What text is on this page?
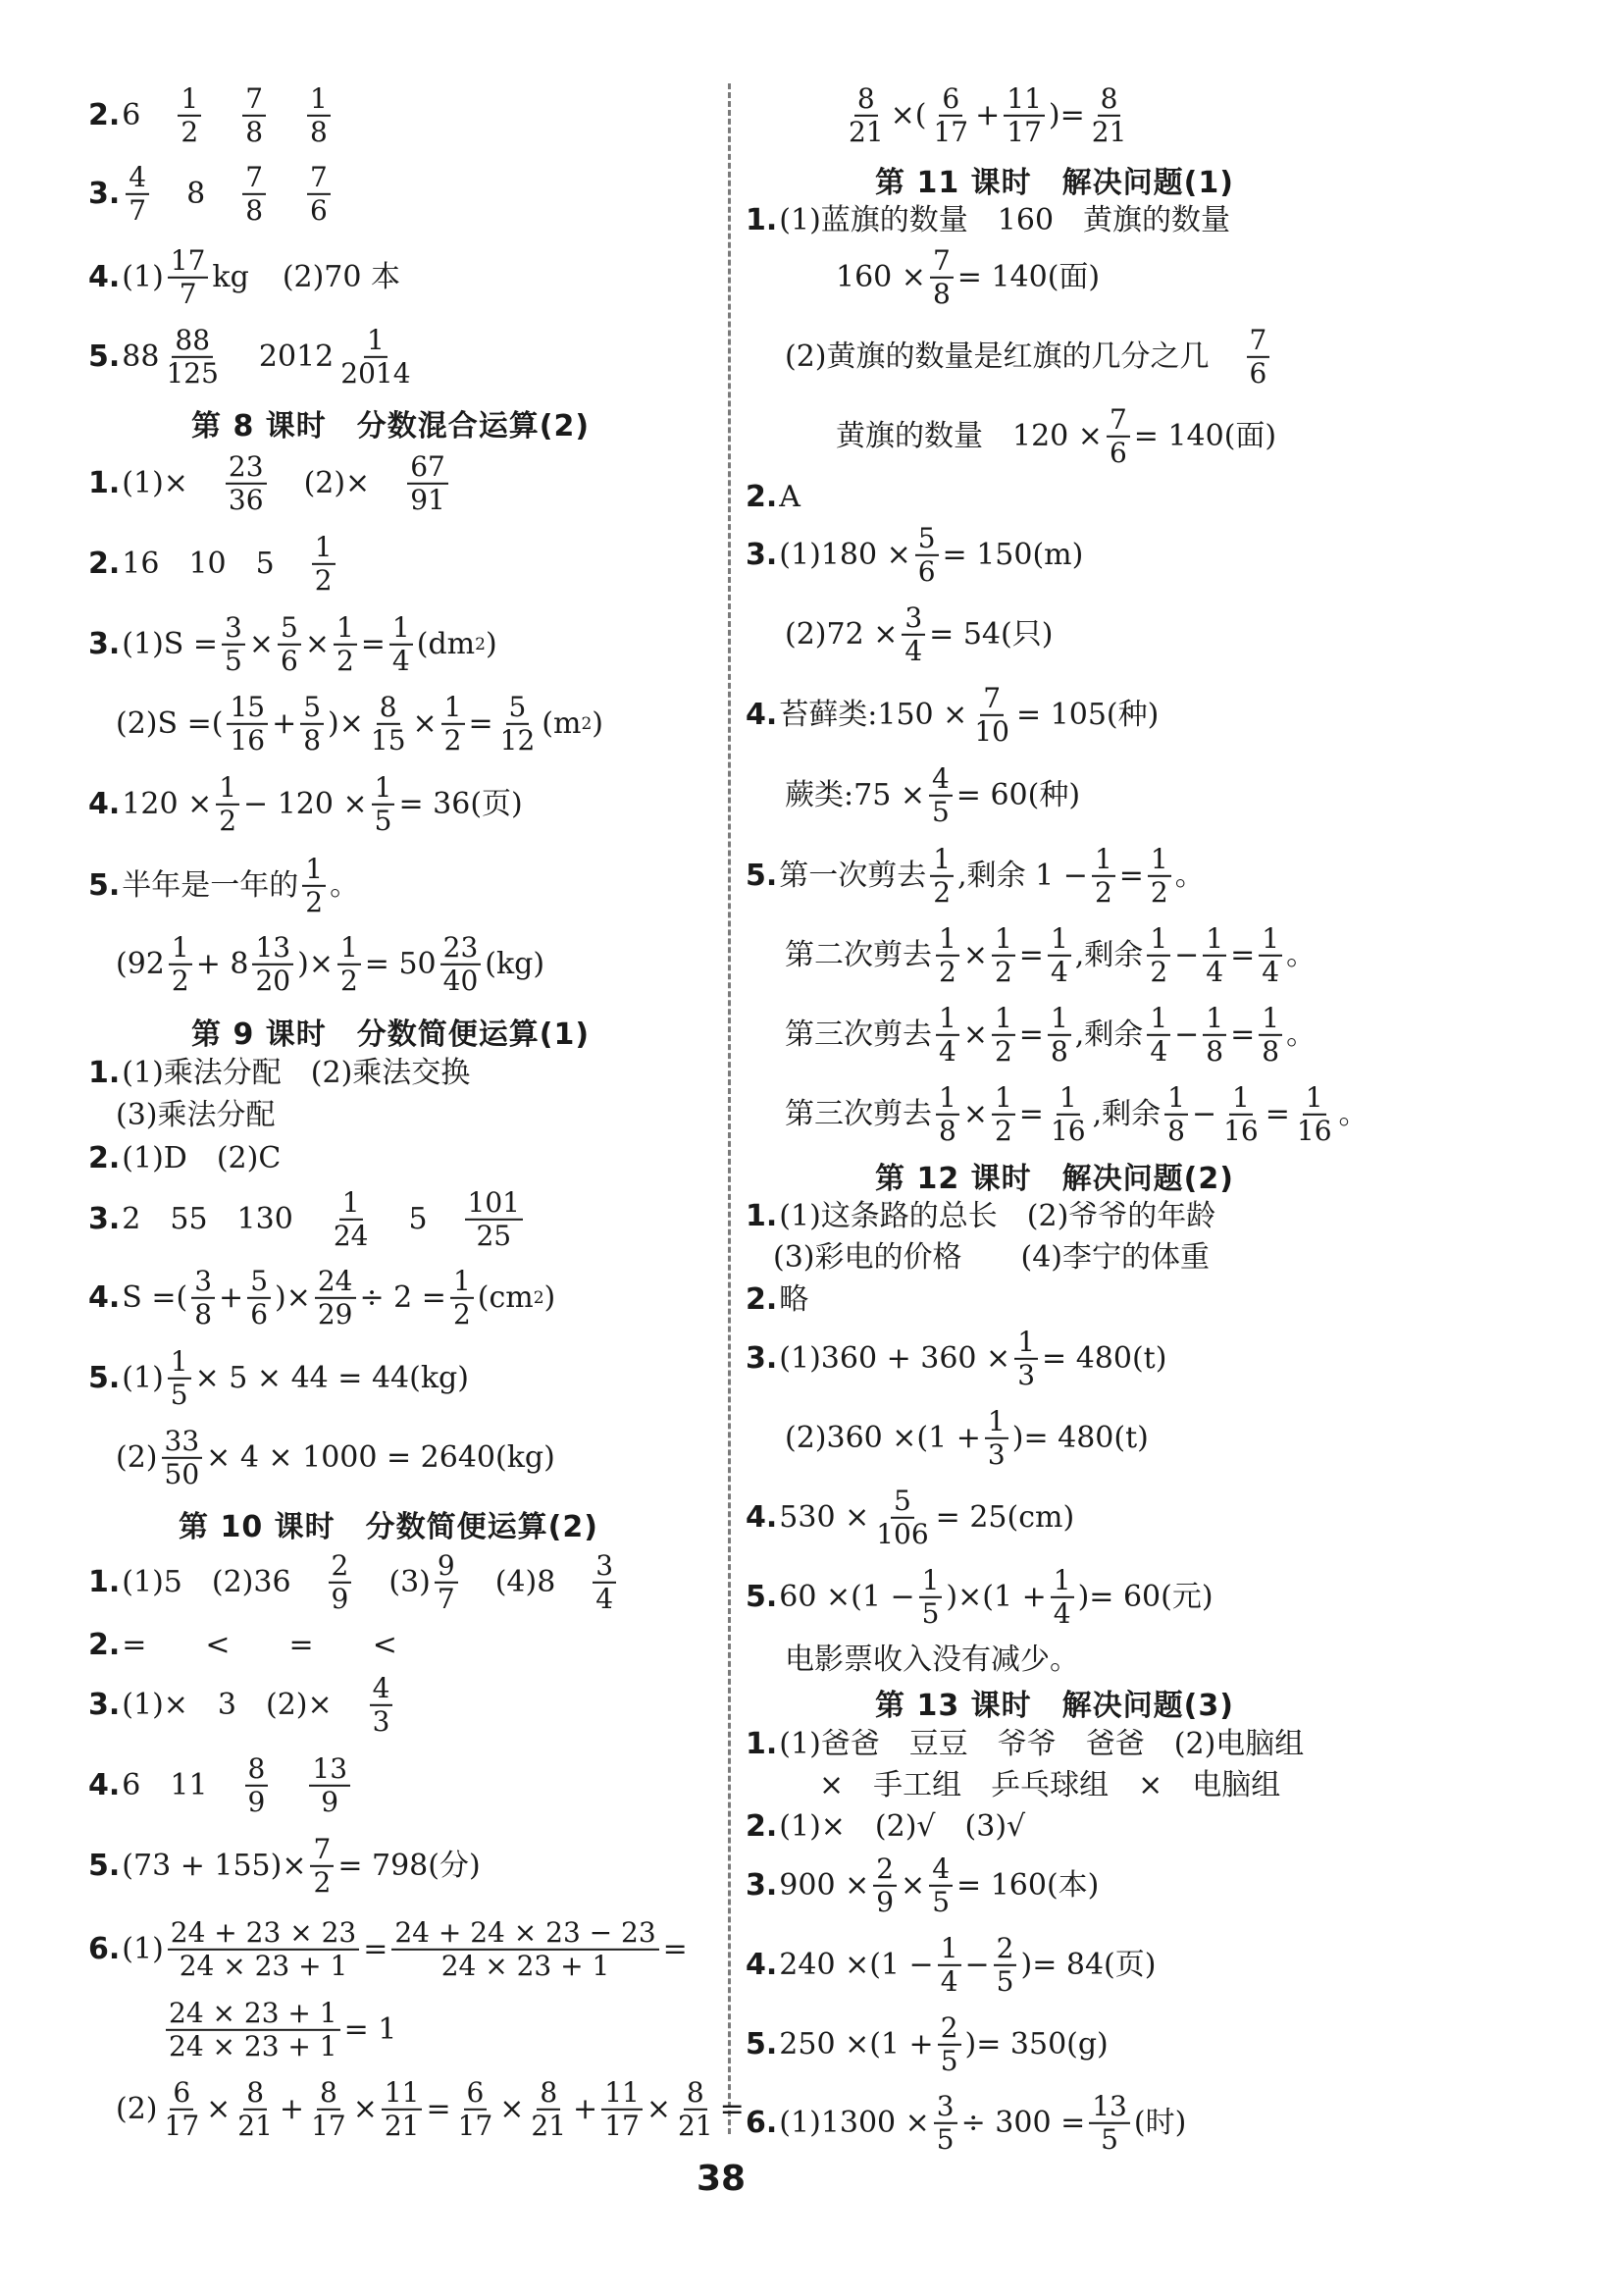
2. 6 1
2
7
8
1
8
3. 4
7 8 7
8
7
6
4. (1) 17
7 kg (2)70 本
5. 88 88
125 2012 1
2014
第 8 课时　分数混合运算(2)
1. (1)× 23
36 (2)× 67
91
2. 16　10　5 1
2
3. $(1)S = \frac{3}{5} \times \frac{5}{6} \times \frac{1}{2} = \frac{1}{4} (dm$ 2 )
(2)S =( 15
$16 + \frac{5}{8}$ )× $\frac{8}{15} \times \frac{1}{2} = \frac{5}{12} (m$ 2 )
4. $120 \times \frac{1}{2} - 120 \times \frac{1}{5} = 36$(页)
5. 半年是一年的 1
2 。
(92 1
2 + 8 13
20 )× $\frac{1}{2} = 50$ 23
40 (kg)
第 9 课时　分数简便运算(1)
1. (1)乘法分配　(2)乘法交换
(3)乘法分配
2. (1)D　(2)C
3. 2　55　130 1
24 5 101
25
4. S =( 3
$8 + \frac{5}{6}$ )× $\frac{24}{29} \div 2 = \frac{1}{2} (cm$ 2 )
5. $(1) \frac{1}{5} \times 5 \times 44 = 44(kg)$
$(2) \frac{33}{50} \times 4 \times 1000 = 2640(kg)$
第 10 课时　分数简便运算(2)
1. (1)5　(2)36 2
9 (3) 9
7 (4)8 3
4
2. =　　<　　=　　<
3. (1)×　3　(2)× 4
3
4. 6　11 8
9
13
9
5. $(73 + 155)\times \frac{7}{2} = 798$(分)
6. $(1) \frac{24 + 23 \times 23}{24 \times 23 + 1} = \frac{24 + 24 \times 23 - 23}{24 \times 23 + 1}$ =
$\frac{24 \times 23 + 1}{24 \times 23 + 1} = 1$
$(2) \frac{6}{17} \times \frac{8}{21} + \frac{8}{17} \times \frac{11}{21} = \frac{6}{17} \times \frac{8}{21} + \frac{11}{17} \times \frac{8}{21}$ =
$\frac{8}{21}$ ×( 6
$17 + \frac{11}{17}$ )= $\frac{8}{21}$
第 11 课时　解决问题(1)
1. (1)蓝旗的数量　160　黄旗的数量
$160 \times \frac{7}{8} = 140$(面)
(2)黄旗的数量是红旗的几分之几 7
6
黄旗的数量　$120 \times \frac{7}{6} = 140$(面)
2. A
3. $(1)180 \times \frac{5}{6} = 150(m)$
$(2)72 \times \frac{3}{4} = 54$(只)
4. 苔藓类:150 × $\frac{7}{10} = 105$(种)
蕨类:75 × $\frac{4}{5} = 60$(种)
5. 第一次剪去 1
2 ,剩余 $1 - \frac{1}{2} = \frac{1}{2}$ 。
第二次剪去 $\frac{1}{2} \times \frac{1}{2} = \frac{1}{4}$ ,剩余 1
$2 - \frac{1}{4} = \frac{1}{4}$ 。
第三次剪去 $\frac{1}{4} \times \frac{1}{2} = \frac{1}{8}$ ,剩余 1
$4 - \frac{1}{8} = \frac{1}{8}$ 。
第三次剪去 $\frac{1}{8} \times \frac{1}{2} = \frac{1}{16}$ ,剩余 1
$8 - \frac{1}{16} = \frac{1}{16}$ 。
第 12 课时　解决问题(2)
1. (1)这条路的总长　(2)爷爷的年龄
(3)彩电的价格　　(4)李宁的体重
2. 略
3. $(1)360 + 360 \times \frac{1}{3} = 480(t)$
$(2)360 \times(1 + \frac{1}{3}$ )= 480(t)
4. $530 \times \frac{5}{106} = 25(cm)$
5. $60 \times(1 - \frac{1}{5} )\times(1 + \frac{1}{4}$ )= 60(元)
电影票收入没有减少。
第 13 课时　解决问题(3)
1. (1)爸爸　豆豆　爷爷　爸爸　(2)电脑组
×　手工组　乒乓球组　×　电脑组
2. (1)×　(2)√　(3)√
3. $900 \times \frac{2}{9} \times \frac{4}{5} = 160$(本)
4. $240 \times(1 - \frac{1}{4} - \frac{2}{5}$ )= 84(页)
5. $250 \times(1 + \frac{2}{5}$ )= 350(g)
6. $(1)1300 \times \frac{3}{5} \div 300 = \frac{13}{5}$ (时)
38
